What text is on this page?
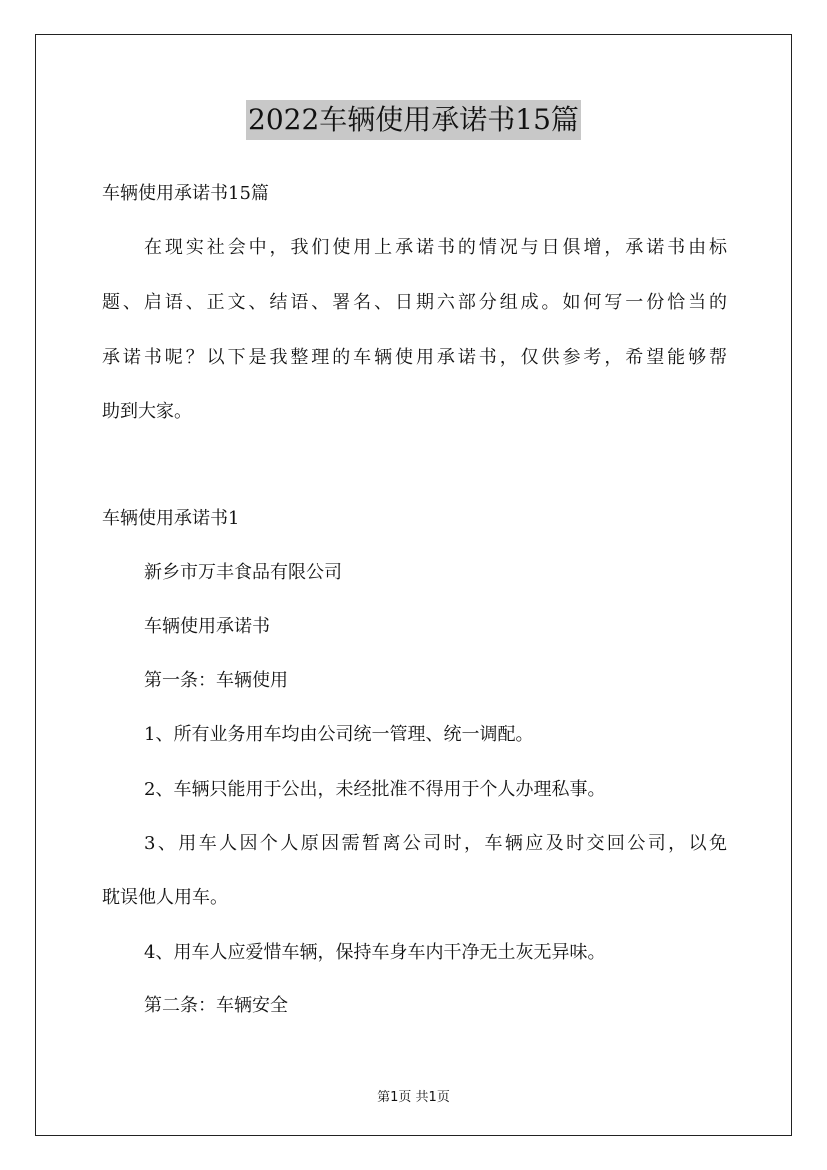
2022车辆使用承诺书15篇
车辆使用承诺书15篇
在现实社会中，我们使用上承诺书的情况与日俱增，承诺书由标
题、启语、正文、结语、署名、日期六部分组成。如何写一份恰当的
承诺书呢？以下是我整理的车辆使用承诺书，仅供参考，希望能够帮
助到大家。
车辆使用承诺书1
新乡市万丰食品有限公司
车辆使用承诺书
第一条：车辆使用
1、所有业务用车均由公司统一管理、统一调配。
2、车辆只能用于公出，未经批准不得用于个人办理私事。
3、用车人因个人原因需暂离公司时，车辆应及时交回公司，以免
耽误他人用车。
4、用车人应爱惜车辆，保持车身车内干净无土灰无异味。
第二条：车辆安全
第1页 共1页
